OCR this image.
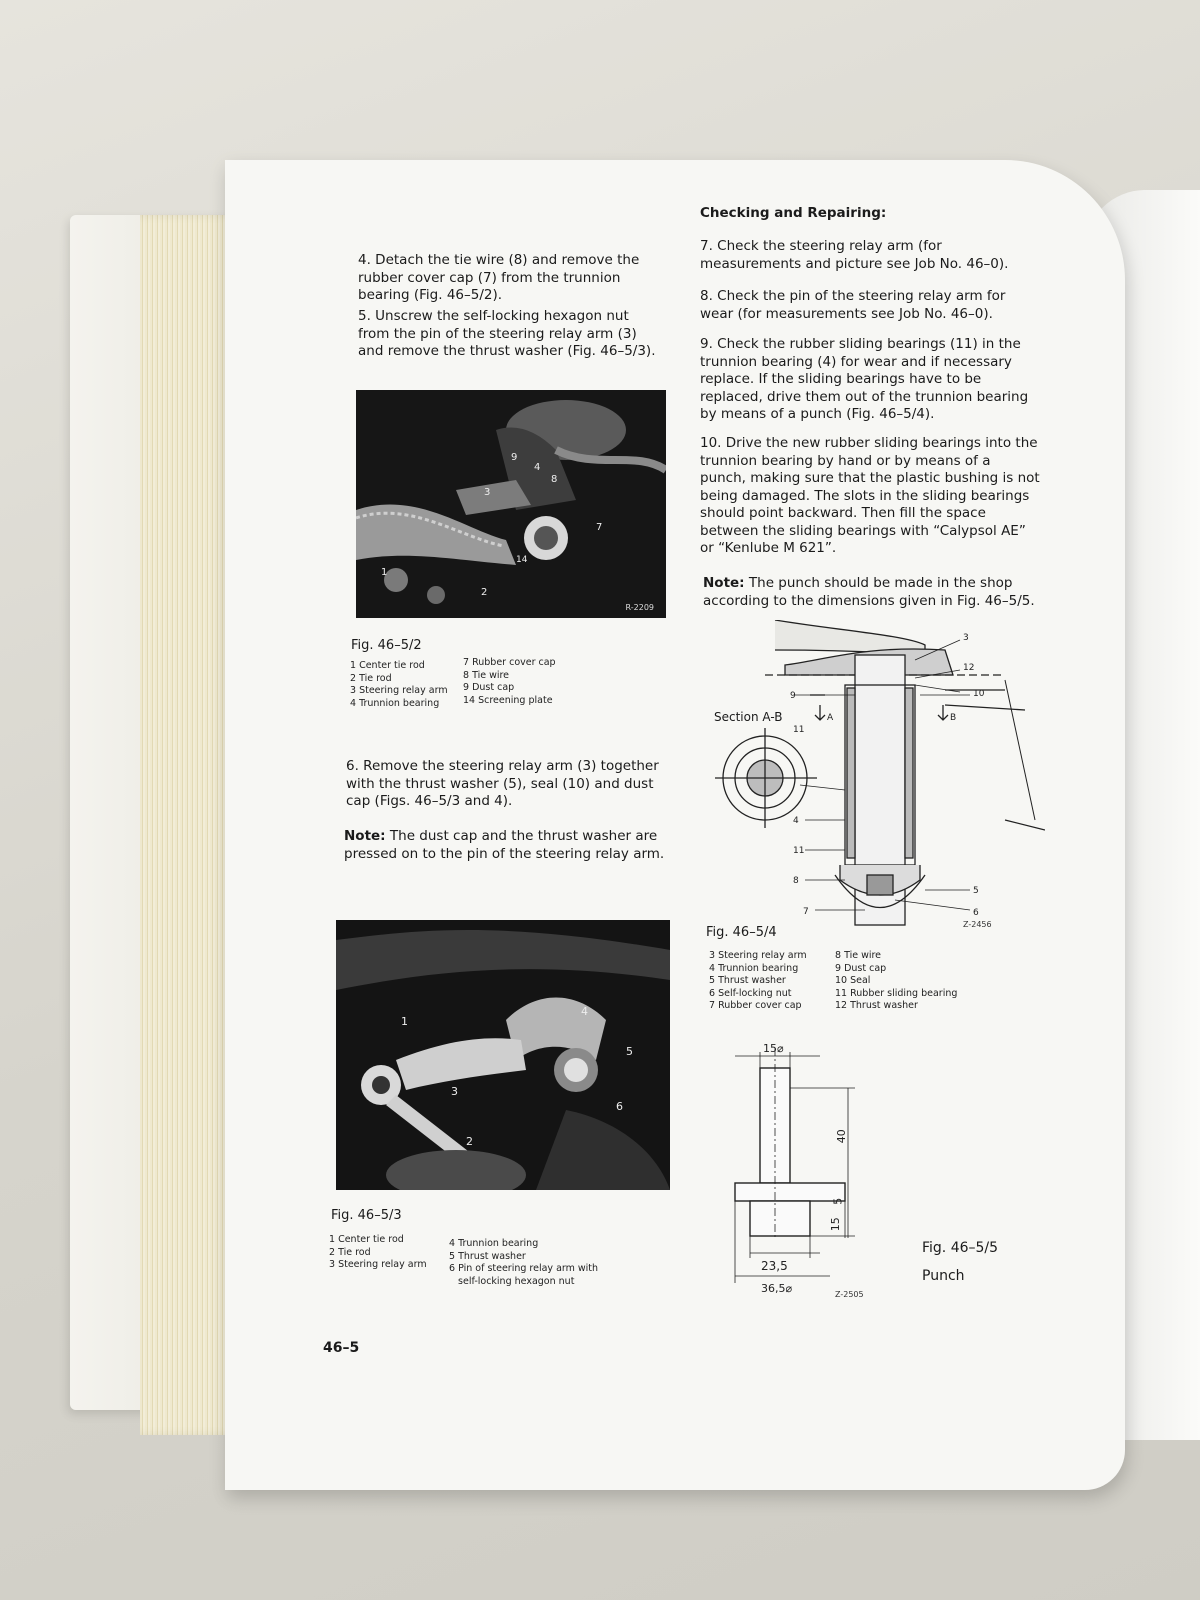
4. Detach the tie wire (8) and remove the rubber cover cap (7) from the trunnion bearing (Fig. 46–5/2).
5. Unscrew the self-locking hexagon nut from the pin of the steering relay arm (3) and remove the thrust washer (Fig. 46–5/3).
1
2
3
4
8
9
7
14
R-2209
Fig. 46–5/2
1 Center tie rod
2 Tie rod
3 Steering relay arm
4 Trunnion bearing
7 Rubber cover cap
8 Tie wire
9 Dust cap
14 Screening plate
6. Remove the steering relay arm (3) together with the thrust washer (5), seal (10) and dust cap (Figs. 46–5/3 and 4).
Note: The dust cap and the thrust washer are pressed on to the pin of the steering relay arm.
1
2
3
4
5
6
Fig. 46–5/3
1 Center tie rod
2 Tie rod
3 Steering relay arm
4 Trunnion bearing
5 Thrust washer
6 Pin of steering relay arm with
self-locking hexagon nut
46–5
Checking and Repairing:
7. Check the steering relay arm (for measurements and picture see Job No. 46–0).
8. Check the pin of the steering relay arm for wear (for measurements see Job No. 46–0).
9. Check the rubber sliding bearings (11) in the trunnion bearing (4) for wear and if necessary replace. If the sliding bearings have to be replaced, drive them out of the trunnion bearing by means of a punch (Fig. 46–5/4).
10. Drive the new rubber sliding bearings into the trunnion bearing by hand or by means of a punch, making sure that the plastic bushing is not being damaged. The slots in the sliding bearings should point backward. Then fill the space between the sliding bearings with “Calypsol AE” or “Kenlube M 621”.
Note: The punch should be made in the shop according to the dimensions given in Fig. 46–5/5.
3
12
10
9
11
A	B
4
11
8
7
5
6
Section A-B
Z-2456
Fig. 46–5/4
3 Steering relay arm
4 Trunnion bearing
5 Thrust washer
6 Self-locking nut
7 Rubber cover cap
8 Tie wire
9 Dust cap
10 Seal
11 Rubber sliding bearing
12 Thrust washer
15⌀
40
5
15
23,5
36,5⌀	Z-2505
Fig. 46–5/5
Punch
